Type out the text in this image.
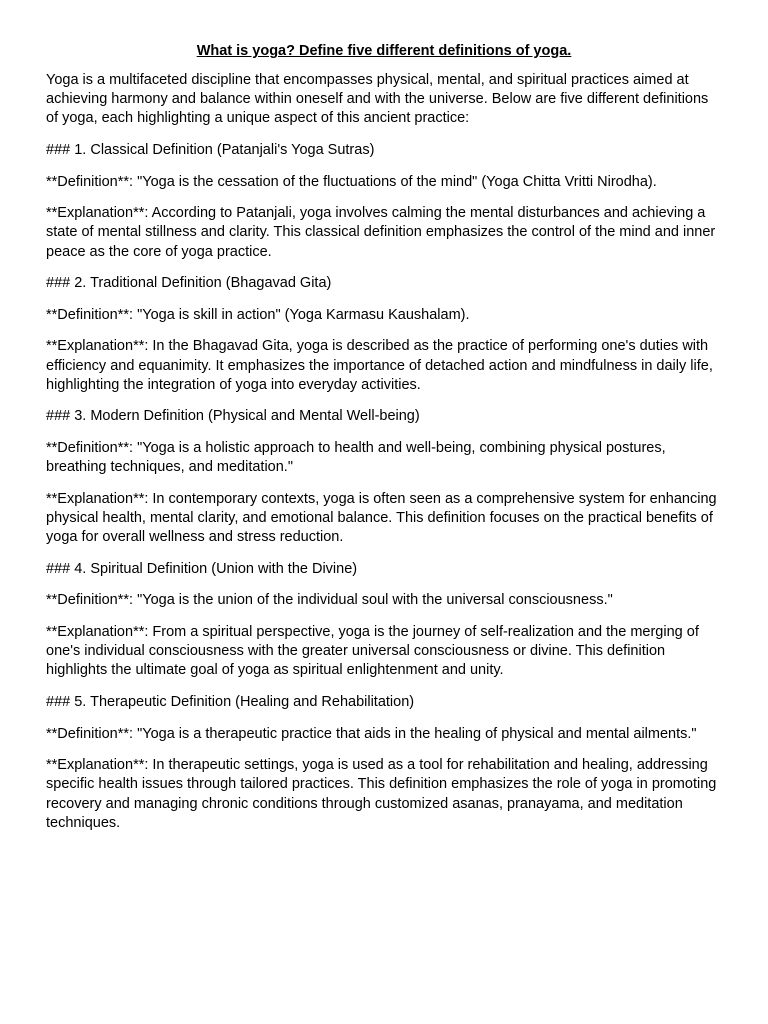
What is yoga? Define five different definitions of yoga.

Yoga is a multifaceted discipline that encompasses physical, mental, and spiritual practices aimed at achieving harmony and balance within oneself and with the universe. Below are five different definitions of yoga, each highlighting a unique aspect of this ancient practice:

### 1. Classical Definition (Patanjali's Yoga Sutras)

**Definition**: "Yoga is the cessation of the fluctuations of the mind" (Yoga Chitta Vritti Nirodha).

**Explanation**: According to Patanjali, yoga involves calming the mental disturbances and achieving a state of mental stillness and clarity. This classical definition emphasizes the control of the mind and inner peace as the core of yoga practice.

### 2. Traditional Definition (Bhagavad Gita)

**Definition**: "Yoga is skill in action" (Yoga Karmasu Kaushalam).

**Explanation**: In the Bhagavad Gita, yoga is described as the practice of performing one's duties with efficiency and equanimity. It emphasizes the importance of detached action and mindfulness in daily life, highlighting the integration of yoga into everyday activities.

### 3. Modern Definition (Physical and Mental Well-being)

**Definition**: "Yoga is a holistic approach to health and well-being, combining physical postures, breathing techniques, and meditation."

**Explanation**: In contemporary contexts, yoga is often seen as a comprehensive system for enhancing physical health, mental clarity, and emotional balance. This definition focuses on the practical benefits of yoga for overall wellness and stress reduction.

### 4. Spiritual Definition (Union with the Divine)

**Definition**: "Yoga is the union of the individual soul with the universal consciousness."

**Explanation**: From a spiritual perspective, yoga is the journey of self-realization and the merging of one's individual consciousness with the greater universal consciousness or divine. This definition highlights the ultimate goal of yoga as spiritual enlightenment and unity.

### 5. Therapeutic Definition (Healing and Rehabilitation)

**Definition**: "Yoga is a therapeutic practice that aids in the healing of physical and mental ailments."

**Explanation**: In therapeutic settings, yoga is used as a tool for rehabilitation and healing, addressing specific health issues through tailored practices. This definition emphasizes the role of yoga in promoting recovery and managing chronic conditions through customized asanas, pranayama, and meditation techniques.
